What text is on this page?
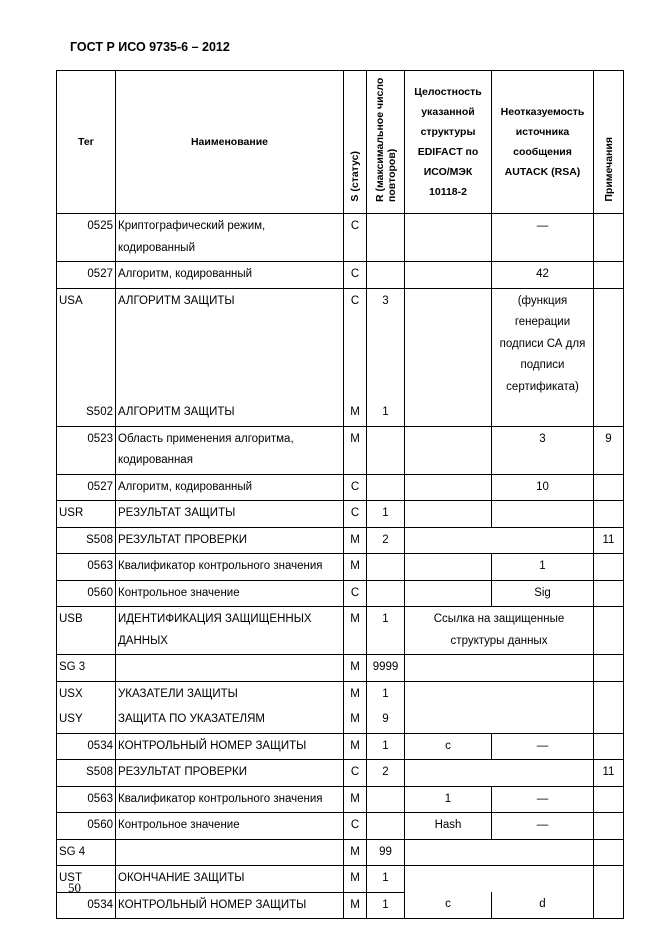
ГОСТ Р ИСО 9735-6 – 2012
Тег	Наименование	S (статус)	R (максимальное число повторов)	Целостность указанной структуры EDIFACT по ИСО/МЭК 10118-2	Неотказуемость источника сообщения AUTACK (RSA)	Примечания
0525	Криптографический режим, кодированный	C			—	
0527	Алгоритм, кодированный	C			42	
USA	АЛГОРИТМ ЗАЩИТЫ	C	3		(функция генерации подписи СА для подписи сертификата)	
S502	АЛГОРИТМ ЗАЩИТЫ	M	1			
0523	Область применения алгоритма, кодированная	M			3	9
0527	Алгоритм, кодированный	C			10	
USR	РЕЗУЛЬТАТ ЗАЩИТЫ	C	1			
S508	РЕЗУЛЬТАТ ПРОВЕРКИ	M	2			11
0563	Квалификатор контрольного значения	M			1	
0560	Контрольное значение	C			Sig	
USB	ИДЕНТИФИКАЦИЯ ЗАЩИЩЕННЫХ ДАННЫХ	M	1	Ссылка на защищенные структуры данных		
SG 3		M	9999			
USX	УКАЗАТЕЛИ ЗАЩИТЫ	M	1			
USY	ЗАЩИТА ПО УКАЗАТЕЛЯМ	M	9			
0534	КОНТРОЛЬНЫЙ НОМЕР ЗАЩИТЫ	M	1	c	—	
S508	РЕЗУЛЬТАТ ПРОВЕРКИ	C	2			11
0563	Квалификатор контрольного значения	M		1	—	
0560	Контрольное значение	C		Hash	—	
SG 4		M	99			
UST	ОКОНЧАНИЕ ЗАЩИТЫ	M	1			
0534	КОНТРОЛЬНЫЙ НОМЕР ЗАЩИТЫ	M	1	c	d	
50
